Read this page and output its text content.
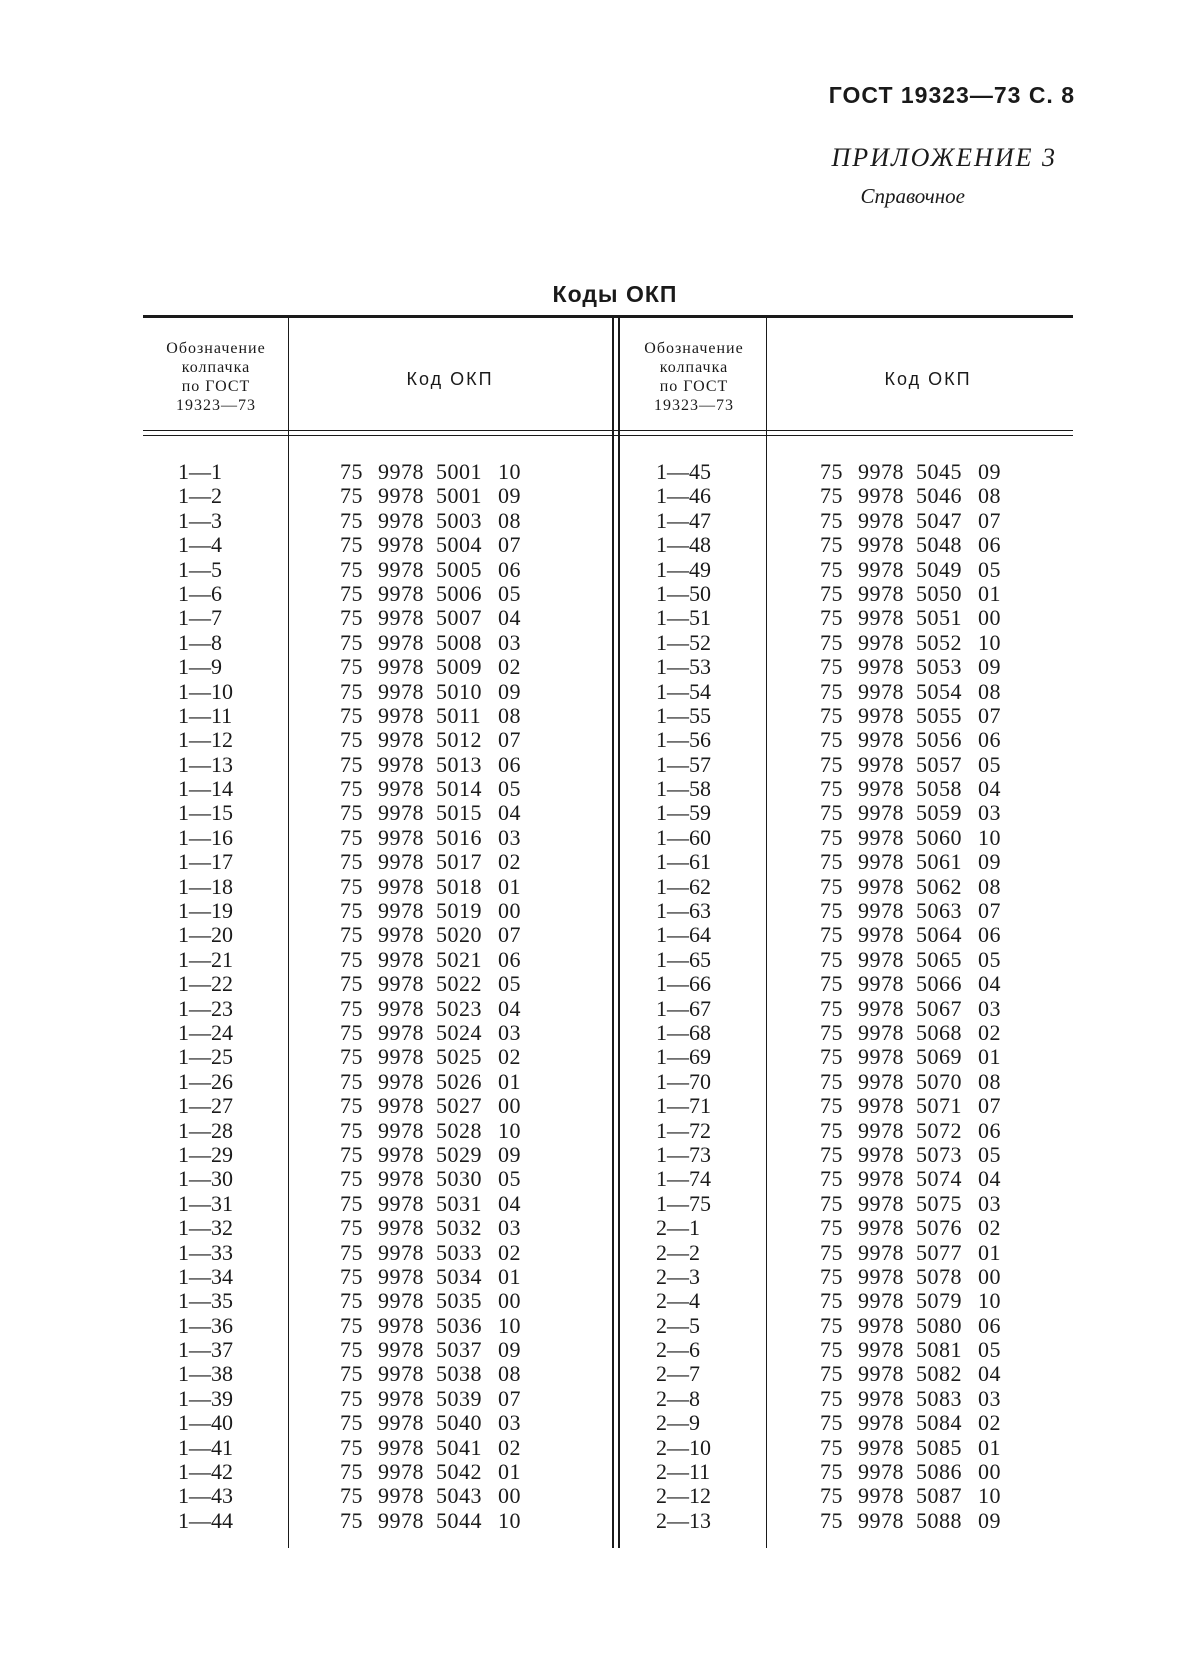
ГОСТ 19323—73 С. 8
ПРИЛОЖЕНИЕ 3
Справочное
Коды ОКП
Обозначение
колпачка
по ГОСТ
19323—73
Код ОКП
Обозначение
колпачка
по ГОСТ
19323—73
Код ОКП
1—1
1—2
1—3
1—4
1—5
1—6
1—7
1—8
1—9
1—10
1—11
1—12
1—13
1—14
1—15
1—16
1—17
1—18
1—19
1—20
1—21
1—22
1—23
1—24
1—25
1—26
1—27
1—28
1—29
1—30
1—31
1—32
1—33
1—34
1—35
1—36
1—37
1—38
1—39
1—40
1—41
1—42
1—43
1—44
75 9978 5001 10
75 9978 5001 09
75 9978 5003 08
75 9978 5004 07
75 9978 5005 06
75 9978 5006 05
75 9978 5007 04
75 9978 5008 03
75 9978 5009 02
75 9978 5010 09
75 9978 5011 08
75 9978 5012 07
75 9978 5013 06
75 9978 5014 05
75 9978 5015 04
75 9978 5016 03
75 9978 5017 02
75 9978 5018 01
75 9978 5019 00
75 9978 5020 07
75 9978 5021 06
75 9978 5022 05
75 9978 5023 04
75 9978 5024 03
75 9978 5025 02
75 9978 5026 01
75 9978 5027 00
75 9978 5028 10
75 9978 5029 09
75 9978 5030 05
75 9978 5031 04
75 9978 5032 03
75 9978 5033 02
75 9978 5034 01
75 9978 5035 00
75 9978 5036 10
75 9978 5037 09
75 9978 5038 08
75 9978 5039 07
75 9978 5040 03
75 9978 5041 02
75 9978 5042 01
75 9978 5043 00
75 9978 5044 10
1—45
1—46
1—47
1—48
1—49
1—50
1—51
1—52
1—53
1—54
1—55
1—56
1—57
1—58
1—59
1—60
1—61
1—62
1—63
1—64
1—65
1—66
1—67
1—68
1—69
1—70
1—71
1—72
1—73
1—74
1—75
2—1
2—2
2—3
2—4
2—5
2—6
2—7
2—8
2—9
2—10
2—11
2—12
2—13
75 9978 5045 09
75 9978 5046 08
75 9978 5047 07
75 9978 5048 06
75 9978 5049 05
75 9978 5050 01
75 9978 5051 00
75 9978 5052 10
75 9978 5053 09
75 9978 5054 08
75 9978 5055 07
75 9978 5056 06
75 9978 5057 05
75 9978 5058 04
75 9978 5059 03
75 9978 5060 10
75 9978 5061 09
75 9978 5062 08
75 9978 5063 07
75 9978 5064 06
75 9978 5065 05
75 9978 5066 04
75 9978 5067 03
75 9978 5068 02
75 9978 5069 01
75 9978 5070 08
75 9978 5071 07
75 9978 5072 06
75 9978 5073 05
75 9978 5074 04
75 9978 5075 03
75 9978 5076 02
75 9978 5077 01
75 9978 5078 00
75 9978 5079 10
75 9978 5080 06
75 9978 5081 05
75 9978 5082 04
75 9978 5083 03
75 9978 5084 02
75 9978 5085 01
75 9978 5086 00
75 9978 5087 10
75 9978 5088 09
